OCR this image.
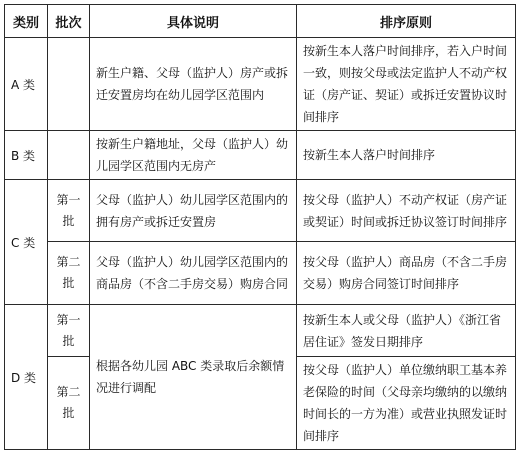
类别	批次	具体说明	排序原则
A 类		新生户籍、父母（监护人）房产或拆迁安置房均在幼儿园学区范围内	按新生本人落户时间排序，若入户时间一致，则按父母或法定监护人不动产权证（房产证、契证）或拆迁安置协议时间排序
B 类		按新生户籍地址，父母（监护人）幼儿园学区范围内无房产	按新生本人落户时间排序
C 类	第一批	父母（监护人）幼儿园学区范围内的拥有房产或拆迁安置房	按父母（监护人）不动产权证（房产证或契证）时间或拆迁协议签订时间排序
	第二批	父母（监护人）幼儿园学区范围内的商品房（不含二手房交易）购房合同	按父母（监护人）商品房（不含二手房交易）购房合同签订时间排序
D 类	第一批	根据各幼儿园 ABC 类录取后余额情况进行调配	按新生本人或父母（监护人）《浙江省居住证》签发日期排序
	第二批		按父母（监护人）单位缴纳职工基本养老保险的时间（父母亲均缴纳的以缴纳时间长的一方为准）或营业执照发证时间排序
